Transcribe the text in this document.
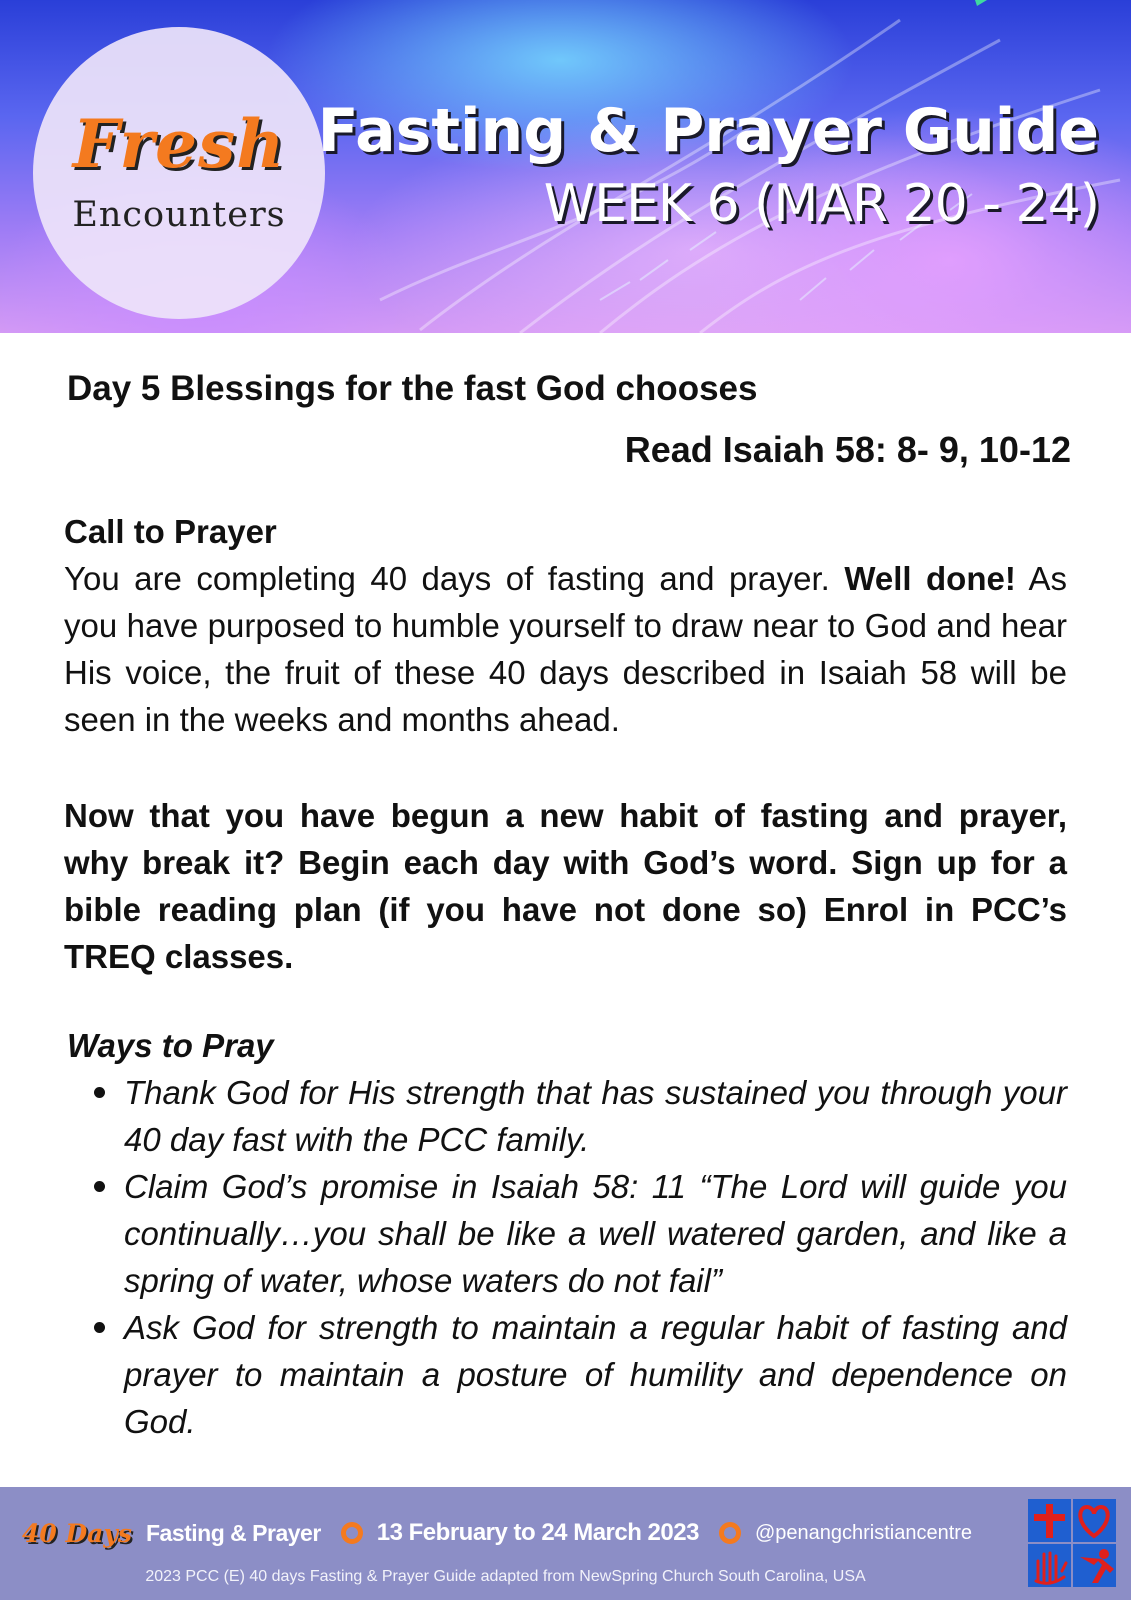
Fresh
Encounters
Fasting & Prayer Guide
WEEK 6 (MAR 20 - 24)
Day 5 Blessings for the fast God chooses
Read Isaiah 58: 8- 9, 10-12
Call to Prayer
You are completing 40 days of fasting and prayer. Well done! As you have purposed to humble yourself to draw near to God and hear His voice, the fruit of these 40 days described in Isaiah 58 will be seen in the weeks and months ahead.
Now that you have begun a new habit of fasting and prayer, why break it? Begin each day with God’s word. Sign up for a bible reading plan (if you have not done so) Enrol in PCC’s TREQ classes.
Ways to Pray
Thank God for His strength that has sustained you through your 40 day fast with the PCC family.
Claim God’s promise in Isaiah 58: 11 “The Lord will guide you continually…you shall be like a well watered garden, and like a spring of water, whose waters do not fail”
Ask God for strength to maintain a regular habit of fasting and prayer to maintain a posture of humility and dependence on God.
40 Days Fasting & Prayer 13 February to 24 March 2023	@penangchristiancentre
2023 PCC (E) 40 days Fasting & Prayer Guide adapted from NewSpring Church South Carolina, USA
